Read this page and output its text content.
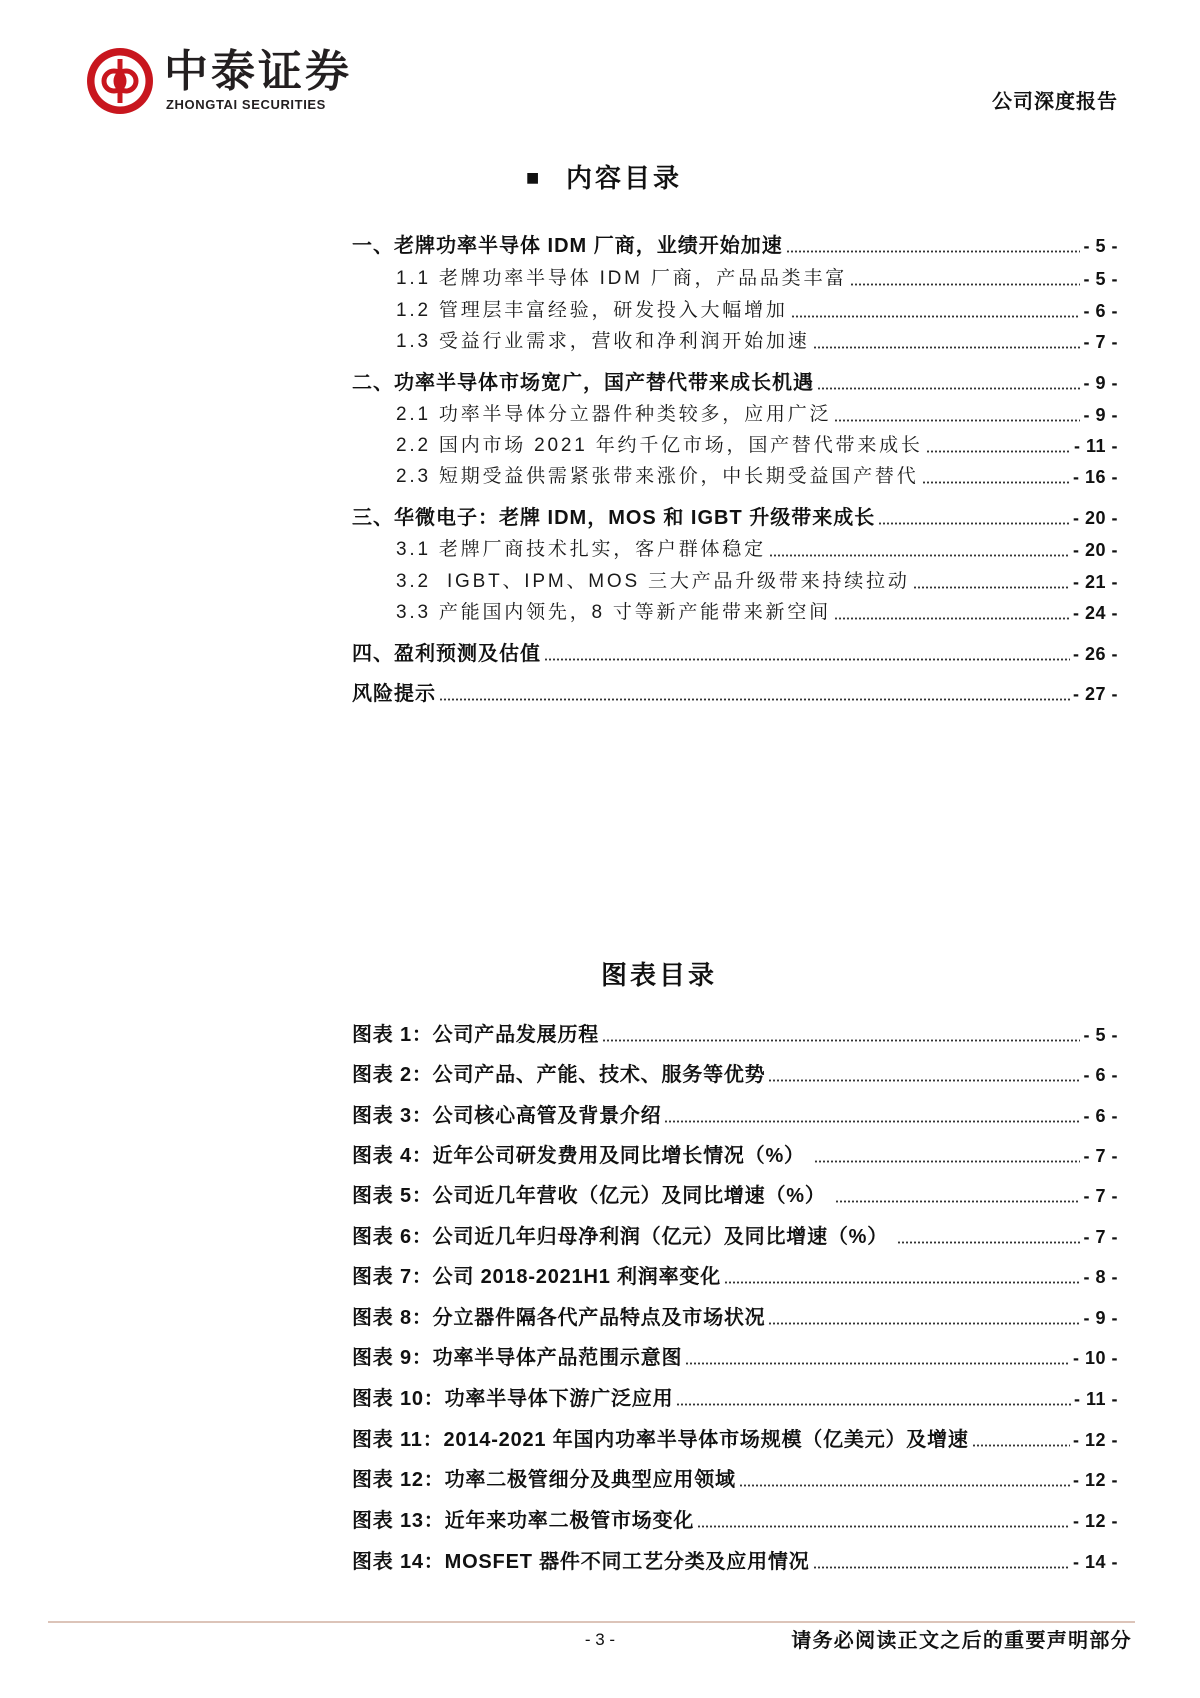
中泰证券
ZHONGTAI SECURITIES	公司深度报告
■ 内容目录
一、老牌功率半导体 IDM 厂商，业绩开始加速	- 5 -
1.1 老牌功率半导体 IDM 厂商，产品品类丰富	- 5 -
1.2 管理层丰富经验，研发投入大幅增加	- 6 -
1.3 受益行业需求，营收和净利润开始加速	- 7 -
二、功率半导体市场宽广，国产替代带来成长机遇	- 9 -
2.1 功率半导体分立器件种类较多，应用广泛	- 9 -
2.2 国内市场 2021 年约千亿市场，国产替代带来成长	- 11 -
2.3 短期受益供需紧张带来涨价，中长期受益国产替代	- 16 -
三、华微电子：老牌 IDM，MOS 和 IGBT 升级带来成长	- 20 -
3.1 老牌厂商技术扎实，客户群体稳定	- 20 -
3.2  IGBT、IPM、MOS 三大产品升级带来持续拉动	- 21 -
3.3 产能国内领先，8 寸等新产能带来新空间	- 24 -
四、盈利预测及估值	- 26 -
风险提示	- 27 -
图表目录
图表 1：公司产品发展历程	- 5 -
图表 2：公司产品、产能、技术、服务等优势	- 6 -
图表 3：公司核心高管及背景介绍	- 6 -
图表 4：近年公司研发费用及同比增长情况（%）	- 7 -
图表 5：公司近几年营收（亿元）及同比增速（%）	- 7 -
图表 6：公司近几年归母净利润（亿元）及同比增速（%）	- 7 -
图表 7：公司 2018-2021H1 利润率变化	- 8 -
图表 8：分立器件隔各代产品特点及市场状况	- 9 -
图表 9：功率半导体产品范围示意图	- 10 -
图表 10：功率半导体下游广泛应用	- 11 -
图表 11：2014-2021 年国内功率半导体市场规模（亿美元）及增速	- 12 -
图表 12：功率二极管细分及典型应用领域	- 12 -
图表 13：近年来功率二极管市场变化	- 12 -
图表 14：MOSFET 器件不同工艺分类及应用情况	- 14 -
- 3 -	请务必阅读正文之后的重要声明部分
